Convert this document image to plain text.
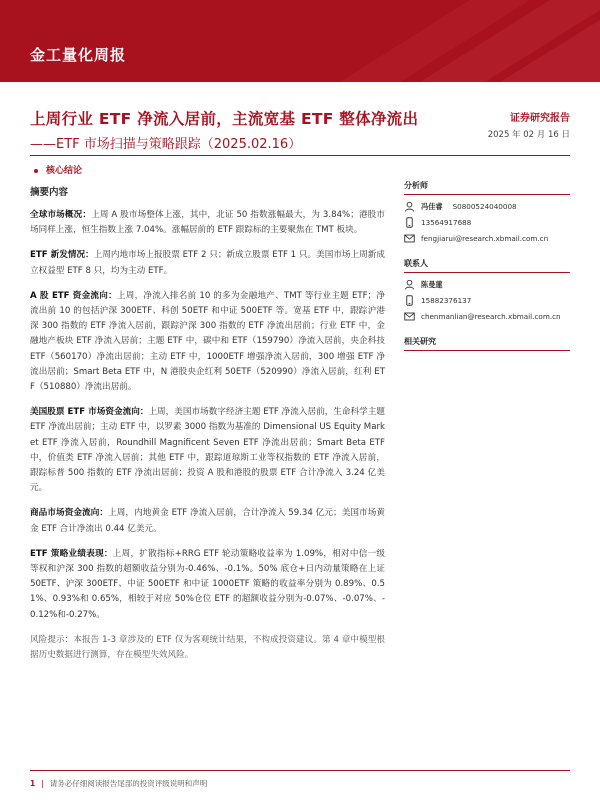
金工量化周报
上周行业 ETF 净流入居前，主流宽基 ETF 整体净流出
——ETF 市场扫描与策略跟踪（2025.02.16）
证券研究报告
2025 年 02 月 16 日
核心结论
摘要内容

全球市场概况：上周 A 股市场整体上涨，其中，北证 50 指数涨幅最大，为 3.84%；港股市场同样上涨，恒生指数上涨 7.04%。涨幅居前的 ETF 跟踪标的主要聚焦在 TMT 板块。

ETF 新发情况：上周内地市场上报股票 ETF 2 只；新成立股票 ETF 1 只。美国市场上周新成立权益型 ETF 8 只，均为主动 ETF。

A 股 ETF 资金流向：上周，净流入排名前 10 的多为金融地产、TMT 等行业主题 ETF；净流出前 10 的包括沪深 300ETF、科创 50ETF 和中证 500ETF 等。宽基 ETF 中，跟踪沪港深 300 指数的 ETF 净流入居前，跟踪沪深 300 指数的 ETF 净流出居前；行业 ETF 中，金融地产板块 ETF 净流入居前；主题 ETF 中，碳中和 ETF（159790）净流入居前，央企科技 ETF（560170）净流出居前；主动 ETF 中，1000ETF 增强净流入居前，300 增强 ETF 净流出居前；Smart Beta ETF 中，N 港股央企红利 50ETF（520990）净流入居前，红利 ETF（510880）净流出居前。

美国股票 ETF 市场资金流向：上周，美国市场数字经济主题 ETF 净流入居前，生命科学主题 ETF 净流出居前；主动 ETF 中，以罗素 3000 指数为基准的 Dimensional US Equity Market ETF 净流入居前，Roundhill Magnificent Seven ETF 净流出居前；Smart Beta ETF 中，价值类 ETF 净流入居前；其他 ETF 中，跟踪道琼斯工业等权指数的 ETF 净流入居前，跟踪标普 500 指数的 ETF 净流出居前；投资 A 股和港股的股票 ETF 合计净流入 3.24 亿美元。

商品市场资金流向：上周，内地黄金 ETF 净流入居前，合计净流入 59.34 亿元；美国市场黄金 ETF 合计净流出 0.44 亿美元。

ETF 策略业绩表现：上周，扩散指标+RRG ETF 轮动策略收益率为 1.09%，相对中信一级等权和沪深 300 指数的超额收益分别为-0.46%、-0.1%。50% 底仓+日内动量策略在上证 50ETF、沪深 300ETF、中证 500ETF 和中证 1000ETF 策略的收益率分别为 0.89%、0.51%、0.93%和 0.65%，相较于对应 50%仓位 ETF 的超额收益分别为-0.07%、-0.07%、-0.12%和-0.27%。

风险提示：本报告 1-3 章涉及的 ETF 仅为客观统计结果，不构成投资建议。第 4 章中模型根据历史数据进行测算，存在模型失效风险。

分析师
冯佳睿 S0800524040008
13564917688
fengjiarui@research.xbmail.com.cn
联系人
陈曼蓮
15882376137
chenmanlian@research.xbmail.com.cn
相关研究
1 | 请务必仔细阅读报告尾部的投资评级说明和声明
